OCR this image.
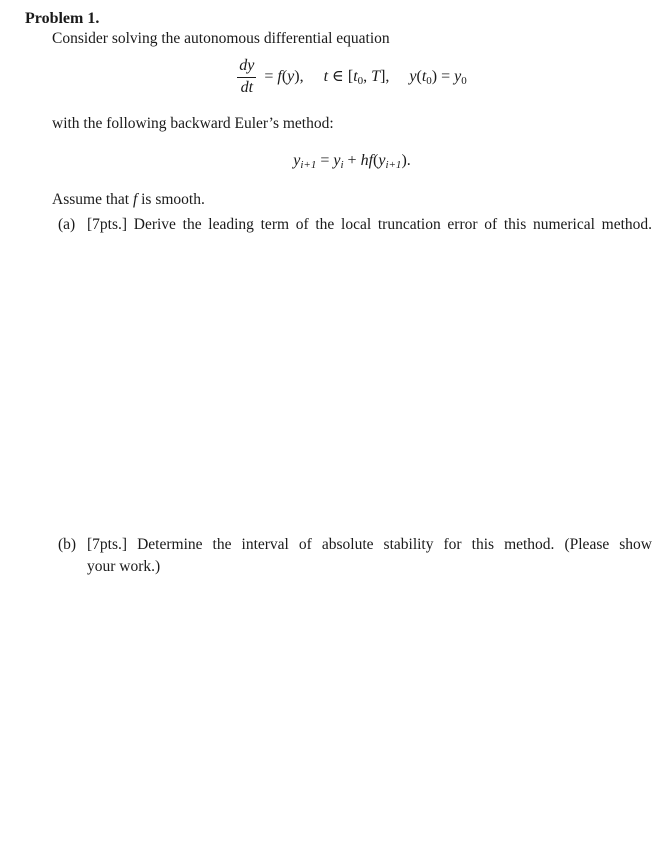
Problem 1.

Consider solving the autonomous differential equation

$\frac{dy}{dt} = f(y)$, t ∈ [t0, T], y(t0) = y0

with the following backward Euler’s method:

yi+1 = yi + hf(yi+1).

Assume that f is smooth.

(a) [7pts.] Derive the leading term of the local truncation error of this numerical method.
(b) [7pts.] Determine the interval of absolute stability for this method. (Please show
your work.)
